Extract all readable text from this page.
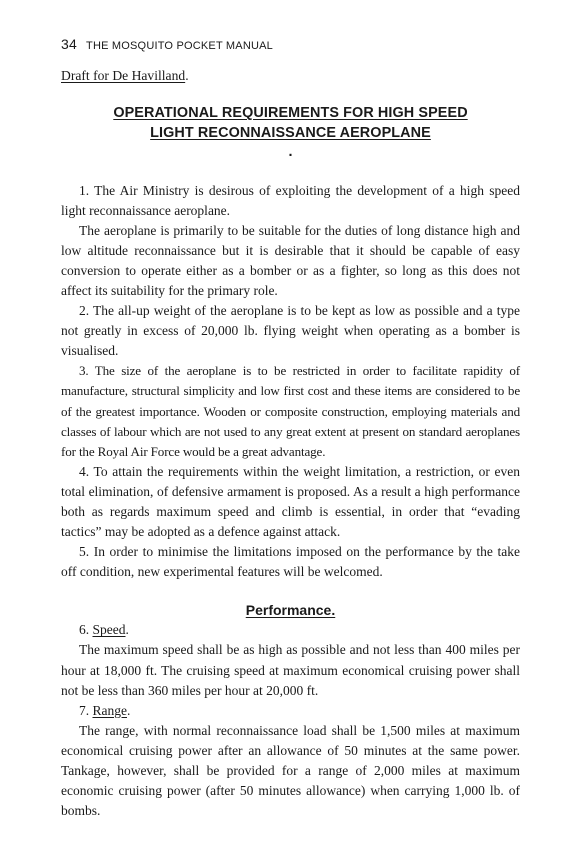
34 THE MOSQUITO POCKET MANUAL

Draft for De Havilland.

OPERATIONAL REQUIREMENTS FOR HIGH SPEED
LIGHT RECONNAISSANCE AEROPLANE
.

1. The Air Ministry is desirous of exploiting the development of a high speed light reconnaissance aeroplane.

The aeroplane is primarily to be suitable for the duties of long distance high and low altitude reconnaissance but it is desirable that it should be capable of easy conversion to operate either as a bomber or as a fighter, so long as this does not affect its suitability for the primary role.

2. The all-up weight of the aeroplane is to be kept as low as possible and a type not greatly in excess of 20,000 lb. flying weight when operating as a bomber is visualised.

3. The size of the aeroplane is to be restricted in order to facilitate rapidity of manufacture, structural simplicity and low first cost and these items are considered to be of the greatest importance. Wooden or composite construction, employing materials and classes of labour which are not used to any great extent at present on standard aeroplanes for the Royal Air Force would be a great advantage.

4. To attain the requirements within the weight limitation, a restriction, or even total elimination, of defensive armament is proposed. As a result a high performance both as regards maximum speed and climb is essential, in order that “evading tactics” may be adopted as a defence against attack.

5. In order to minimise the limitations imposed on the performance by the take off condition, new experimental features will be welcomed.

Performance.

6. Speed.

The maximum speed shall be as high as possible and not less than 400 miles per hour at 18,000 ft. The cruising speed at maximum economical cruising power shall not be less than 360 miles per hour at 20,000 ft.

7. Range.

The range, with normal reconnaissance load shall be 1,500 miles at maximum economical cruising power after an allowance of 50 minutes at the same power. Tankage, however, shall be provided for a range of 2,000 miles at maximum economic cruising power (after 50 minutes allowance) when carrying 1,000 lb. of bombs.
